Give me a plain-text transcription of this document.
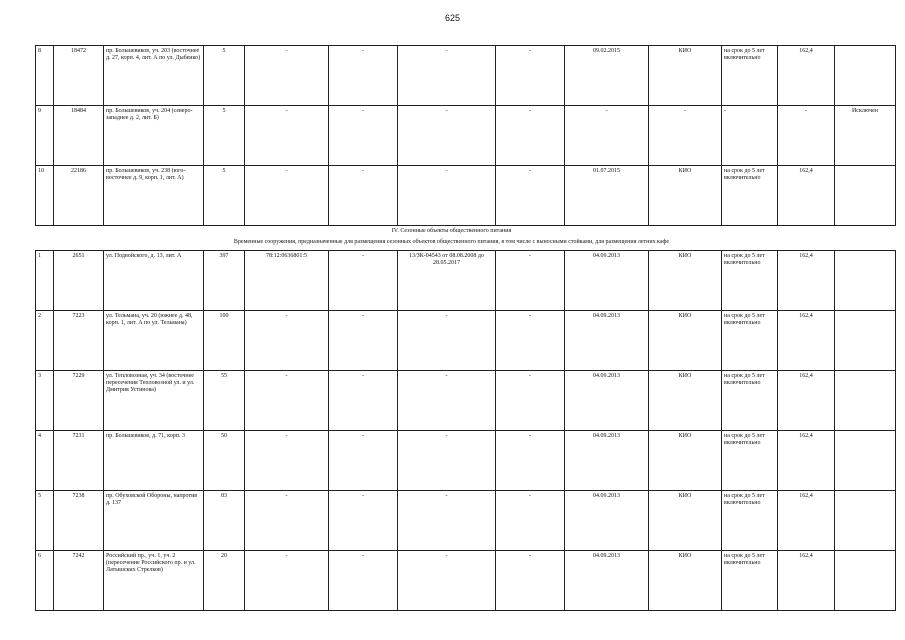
625
8	18472	пр. Большевиков, уч. 203 (восточнее д. 27, корп. 4, лит. А по ул. Дыбенко)	5	-	-	-	-	09.02.2015	КИО	на срок до 5 лет включительно	162,4	
9	18484	пр. Большевиков, уч. 204 (северо-западнее д. 2, лит. Б)	5	-	-	-	-	-	-	-	-	Исключен
10	22186	пр. Большевиков, уч. 238 (юго-восточнее д. 9, корп. 1, лит. А)	5	-	-	-	-	01.07.2015	КИО	на срок до 5 лет включительно	162,4	
IV. Сезонные объекты общественного питания
Временные сооружения, предназначенные для размещения сезонных объектов общественного питания, в том числе с выносными стойками, для размещения летних кафе
1	2651	ул. Подвойского, д. 13, лит. А	397	78:12:0636801:5	-	13/ЗК-04543 от 08.08.2008 до 28.05.2017	-	04.09.2013	КИО	на срок до 5 лет включительно	162,4	
2	7223	ул. Тельмана, уч. 20 (южнее д. 48, корп. 1, лит. А по ул. Тельмана)	100	-	-	-	-	04.09.2013	КИО	на срок до 5 лет включительно	162,4	
3	7229	ул. Тепловозная, уч. 34 (восточнее пересечения Тепловозной ул. и ул. Дмитрия Устинова)	55	-	-	-	-	04.09.2013	КИО	на срок до 5 лет включительно	162,4	
4	7231	пр. Большевиков, д. 71, корп. 3	50	-	-	-	-	04.09.2013	КИО	на срок до 5 лет включительно	162,4	
5	7238	пр. Обуховской Обороны, напротив д. 137	83	-	-	-	-	04.09.2013	КИО	на срок до 5 лет включительно	162,4	
6	7242	Российский пр., уч. 1, уч. 2 (пересечение Российского пр. и ул. Латышских Стрелков)	20	-	-	-	-	04.09.2013	КИО	на срок до 5 лет включительно	162,4	
